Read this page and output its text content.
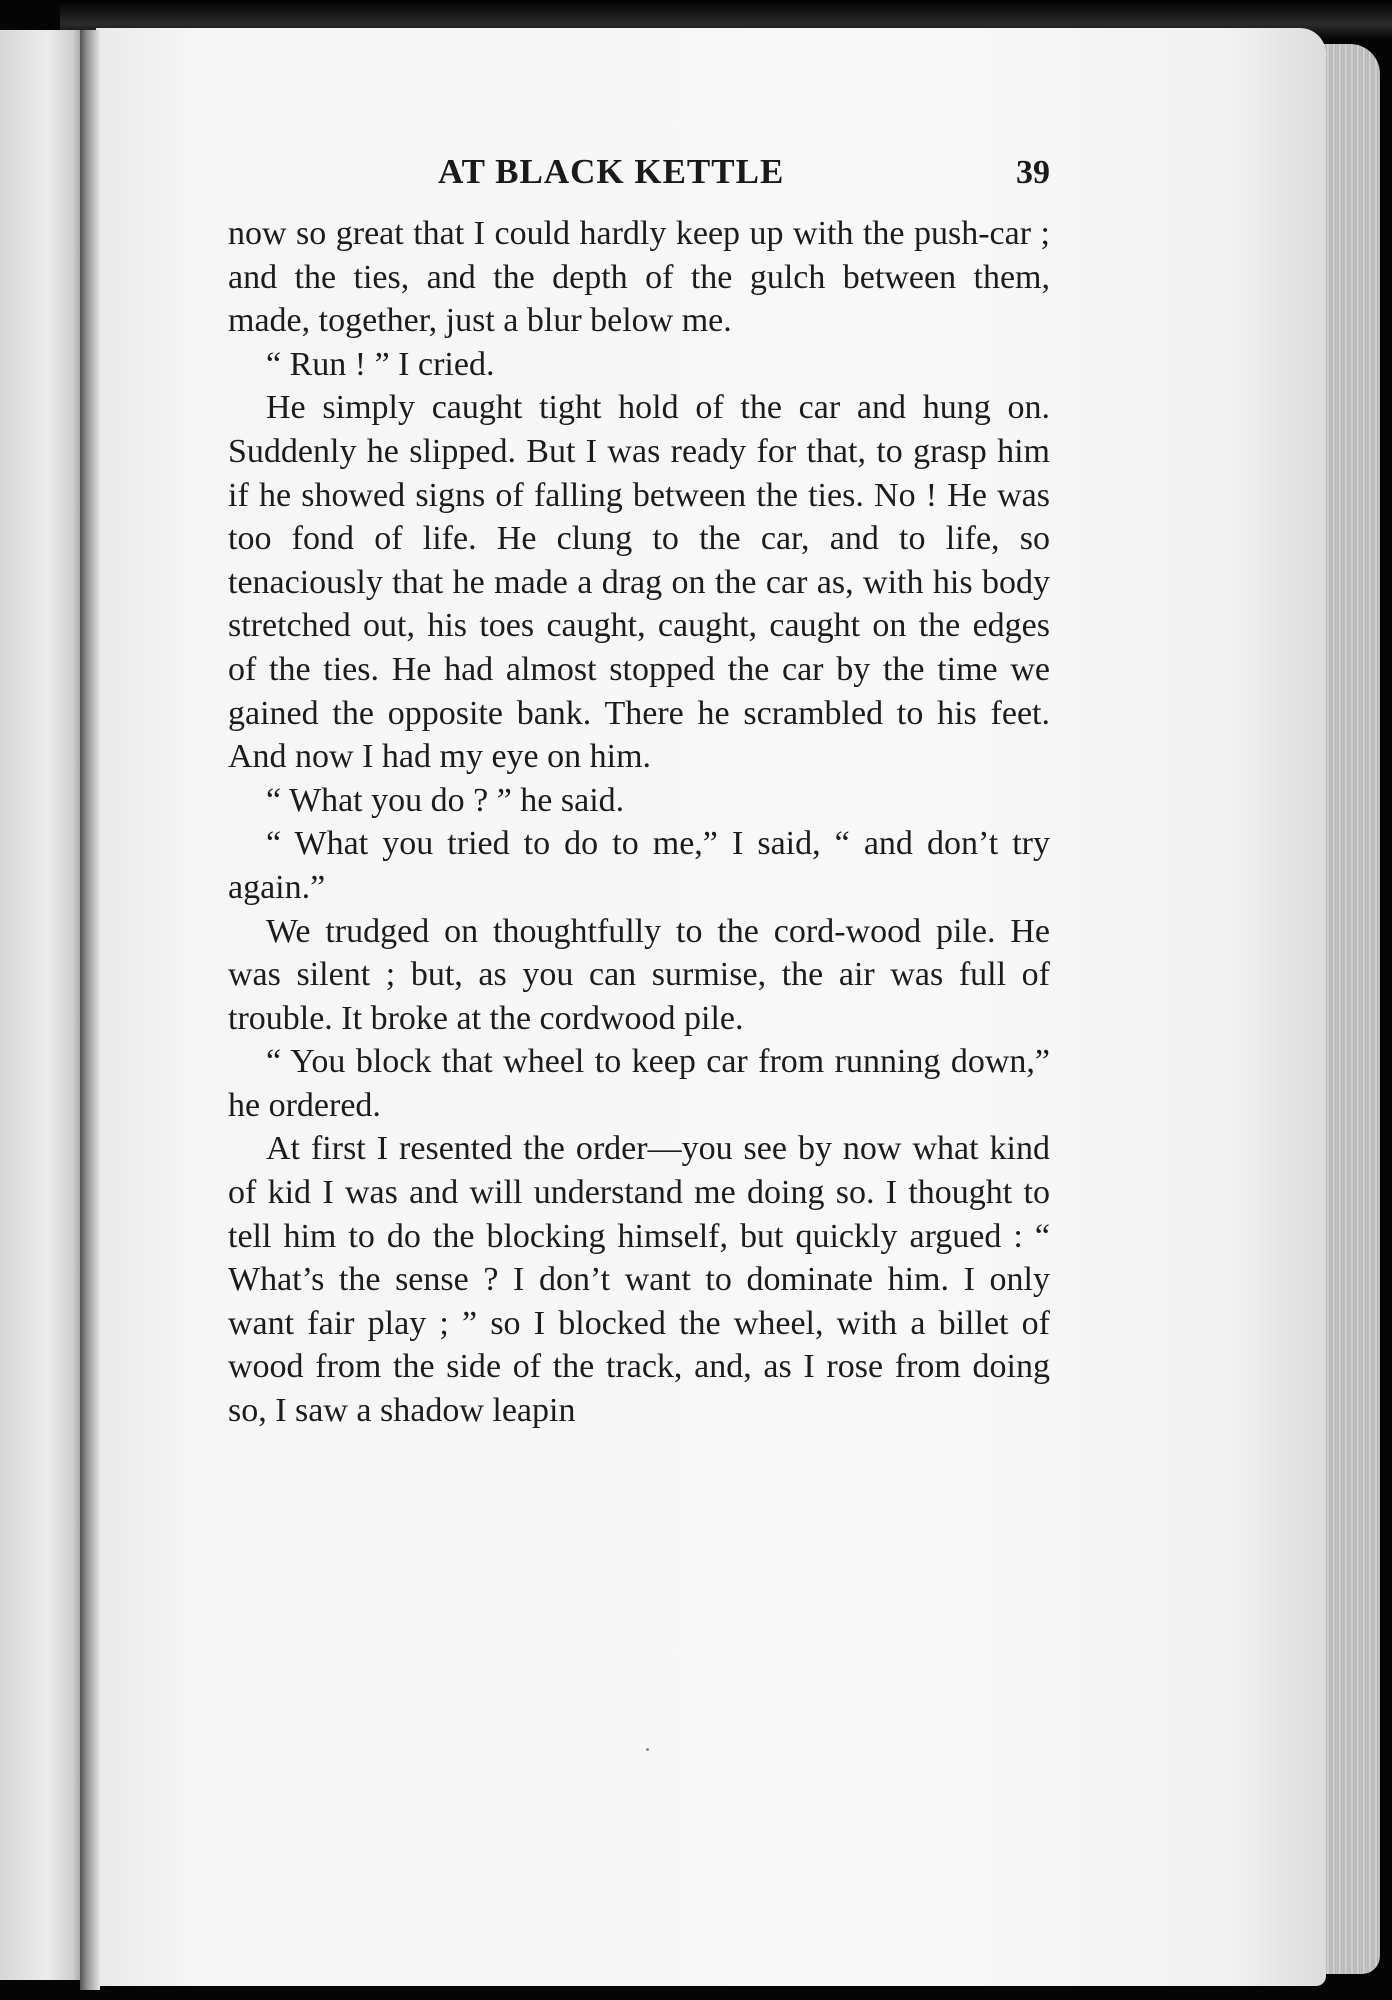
AT BLACK KETTLE	39

now so great that I could hardly keep up with the push-car ; and the ties, and the depth of the gulch between them, made, together, just a blur below me.

“ Run ! ” I cried.

He simply caught tight hold of the car and hung on. Suddenly he slipped. But I was ready for that, to grasp him if he showed signs of falling between the ties. No ! He was too fond of life. He clung to the car, and to life, so tenaciously that he made a drag on the car as, with his body stretched out, his toes caught, caught, caught on the edges of the ties. He had almost stopped the car by the time we gained the opposite bank. There he scrambled to his feet. And now I had my eye on him.

“ What you do ? ” he said.

“ What you tried to do to me,” I said, “ and don’t try again.”

We trudged on thoughtfully to the cord-wood pile. He was silent ; but, as you can surmise, the air was full of trouble. It broke at the cordwood pile.

“ You block that wheel to keep car from running down,” he ordered.

At first I resented the order—you see by now what kind of kid I was and will understand me doing so. I thought to tell him to do the blocking himself, but quickly argued : “ What’s the sense ? I don’t want to dominate him. I only want fair play ; ” so I blocked the wheel, with a billet of wood from the side of the track, and, as I rose from doing so, I saw a shadow leapin
